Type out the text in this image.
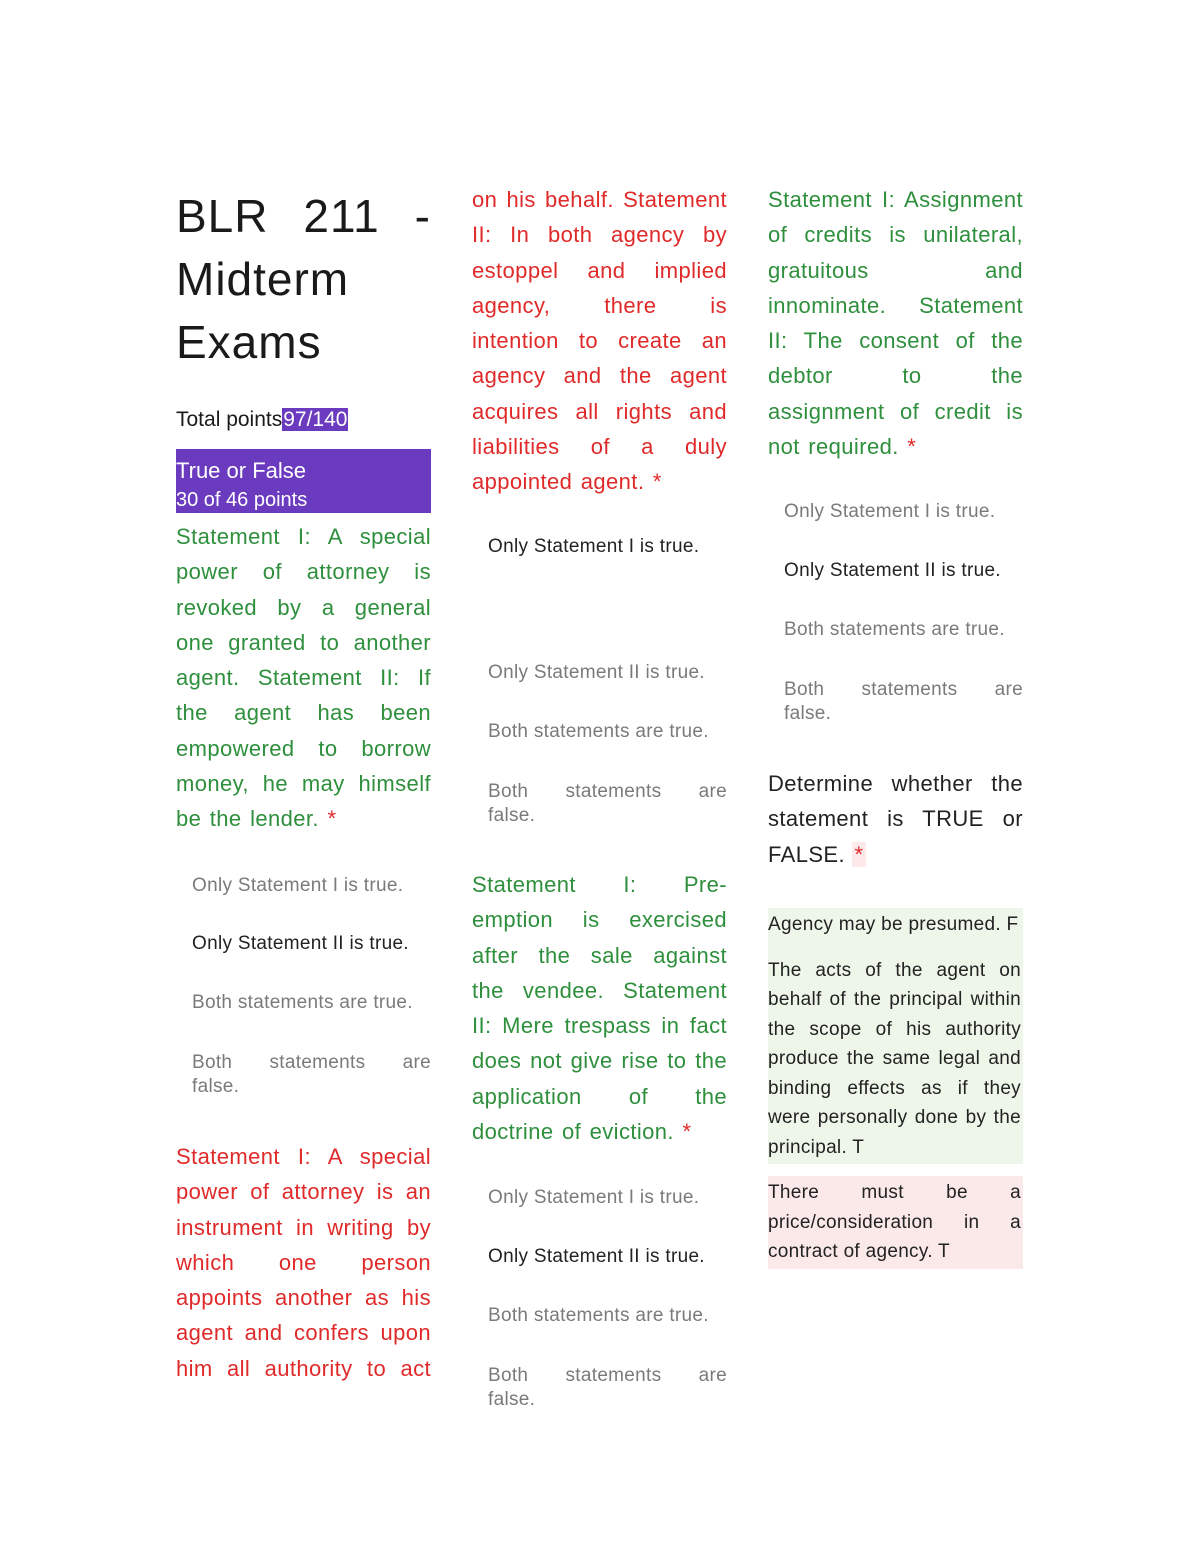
BLR 211 -

Midterm

Exams

Total points97/140
True or False
30 of 46 points

Statement I: A special power of attorney is revoked by a general one granted to another agent. Statement II: If the agent has been empowered to borrow money, he may himself be the lender. *

Only Statement I is true.

Only Statement II is true.

Both statements are true.

Both statements are
false.

Statement I: A special power of attorney is an instrument in writing by which one person appoints another as his agent and confers upon him all authority to act

on his behalf. Statement II: In both agency by estoppel and implied agency, there is intention to create an agency and the agent acquires all rights and liabilities of a duly appointed agent. *

Only Statement I is true.

Only Statement II is true.

Both statements are true.

Both statements are
false.

Statement I: Pre-emption is exercised after the sale against the vendee. Statement II: Mere trespass in fact does not give rise to the application of the doctrine of eviction. *

Only Statement I is true.

Only Statement II is true.

Both statements are true.

Both statements are
false.

Statement I: Assignment of credits is unilateral, gratuitous and innominate. Statement II: The consent of the debtor to the assignment of credit is not required. *

Only Statement I is true.

Only Statement II is true.

Both statements are true.

Both statements are
false.

Determine whether the statement is TRUE or FALSE. *

Agency may be presumed. F

The acts of the agent on behalf of the principal within the scope of his authority produce the same legal and binding effects as if they were personally done by the principal. T

There must be a price/consideration in a contract of agency. T
